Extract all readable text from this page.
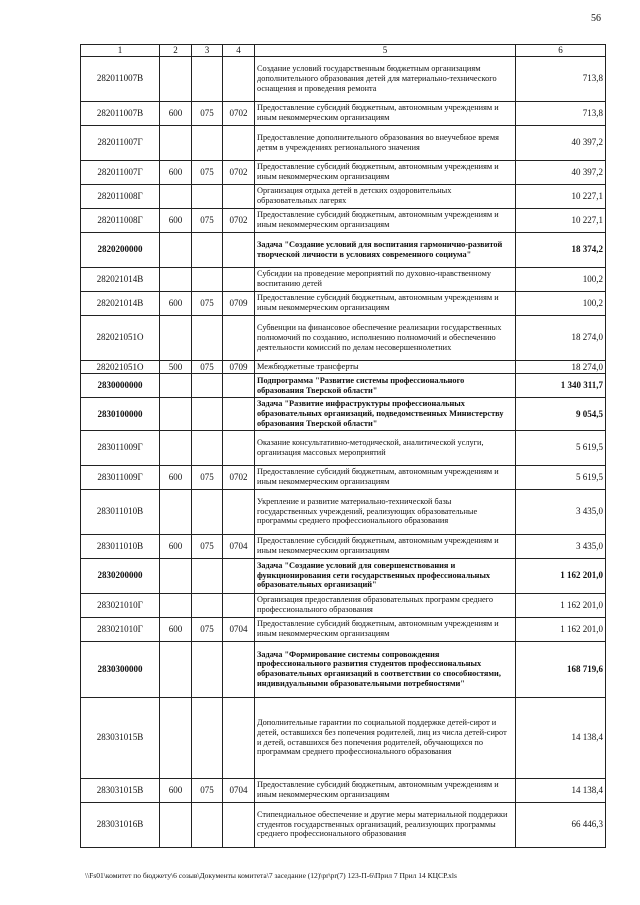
56
1	2	3	4	5	6
282011007B				Создание условий государственным бюджетным организациям дополнительного образования детей для материально-технического оснащения и проведения ремонта	713,8
282011007B	600	075	0702	Предоставление субсидий бюджетным, автономным учреждениям и иным некоммерческим организациям	713,8
282011007Г				Предоставление дополнительного образования во внеучебное время детям в учреждениях регионального значения	40 397,2
282011007Г	600	075	0702	Предоставление субсидий бюджетным, автономным учреждениям и иным некоммерческим организациям	40 397,2
282011008Г				Организация отдыха детей в детских оздоровительных образовательных лагерях	10 227,1
282011008Г	600	075	0702	Предоставление субсидий бюджетным, автономным учреждениям и иным некоммерческим организациям	10 227,1
2820200000				Задача "Создание условий для воспитания гармонично-развитой творческой личности в условиях современного социума"	18 374,2
282021014B				Субсидии на проведение мероприятий по духовно-нравственному воспитанию детей	100,2
282021014B	600	075	0709	Предоставление субсидий бюджетным, автономным учреждениям и иным некоммерческим организациям	100,2
282021051O				Субвенции на финансовое обеспечение реализации государственных полномочий по созданию, исполнению полномочий и обеспечению деятельности комиссий по делам несовершеннолетних	18 274,0
282021051O	500	075	0709	Межбюджетные трансферты	18 274,0
2830000000				Подпрограмма "Развитие системы профессионального образования Тверской области"	1 340 311,7
2830100000				Задача "Развитие инфраструктуры профессиональных образовательных организаций, подведомственных Министерству образования Тверской области"	9 054,5
283011009Г				Оказание консультативно-методической, аналитической услуги, организация массовых мероприятий	5 619,5
283011009Г	600	075	0702	Предоставление субсидий бюджетным, автономным учреждениям и иным некоммерческим организациям	5 619,5
283011010B				Укрепление и развитие материально-технической базы государственных учреждений, реализующих образовательные программы среднего профессионального образования	3 435,0
283011010B	600	075	0704	Предоставление субсидий бюджетным, автономным учреждениям и иным некоммерческим организациям	3 435,0
2830200000				Задача "Создание условий для совершенствования и функционирования сети государственных профессиональных образовательных организаций"	1 162 201,0
283021010Г				Организация предоставления образовательных программ среднего профессионального образования	1 162 201,0
283021010Г	600	075	0704	Предоставление субсидий бюджетным, автономным учреждениям и иным некоммерческим организациям	1 162 201,0
2830300000				Задача "Формирование системы сопровождения профессионального развития студентов профессиональных образовательных организаций в соответствии со способностями, индивидуальными образовательными потребностями"	168 719,6
283031015B				Дополнительные гарантии по социальной поддержке детей-сирот и детей, оставшихся без попечения родителей, лиц из числа детей-сирот и детей, оставшихся без попечения родителей, обучающихся по программам среднего профессионального образования	14 138,4
283031015B	600	075	0704	Предоставление субсидий бюджетным, автономным учреждениям и иным некоммерческим организациям	14 138,4
283031016B				Стипендиальное обеспечение и другие меры материальной поддержки студентов государственных организаций, реализующих программы среднего профессионального образования	66 446,3
\\Fs01\комитет по бюджету\6 созыв\Документы комитета\7 заседание (12)\pr\pr(7) 123-П-6\Прил 7 Прил 14 КЦСР.xls
